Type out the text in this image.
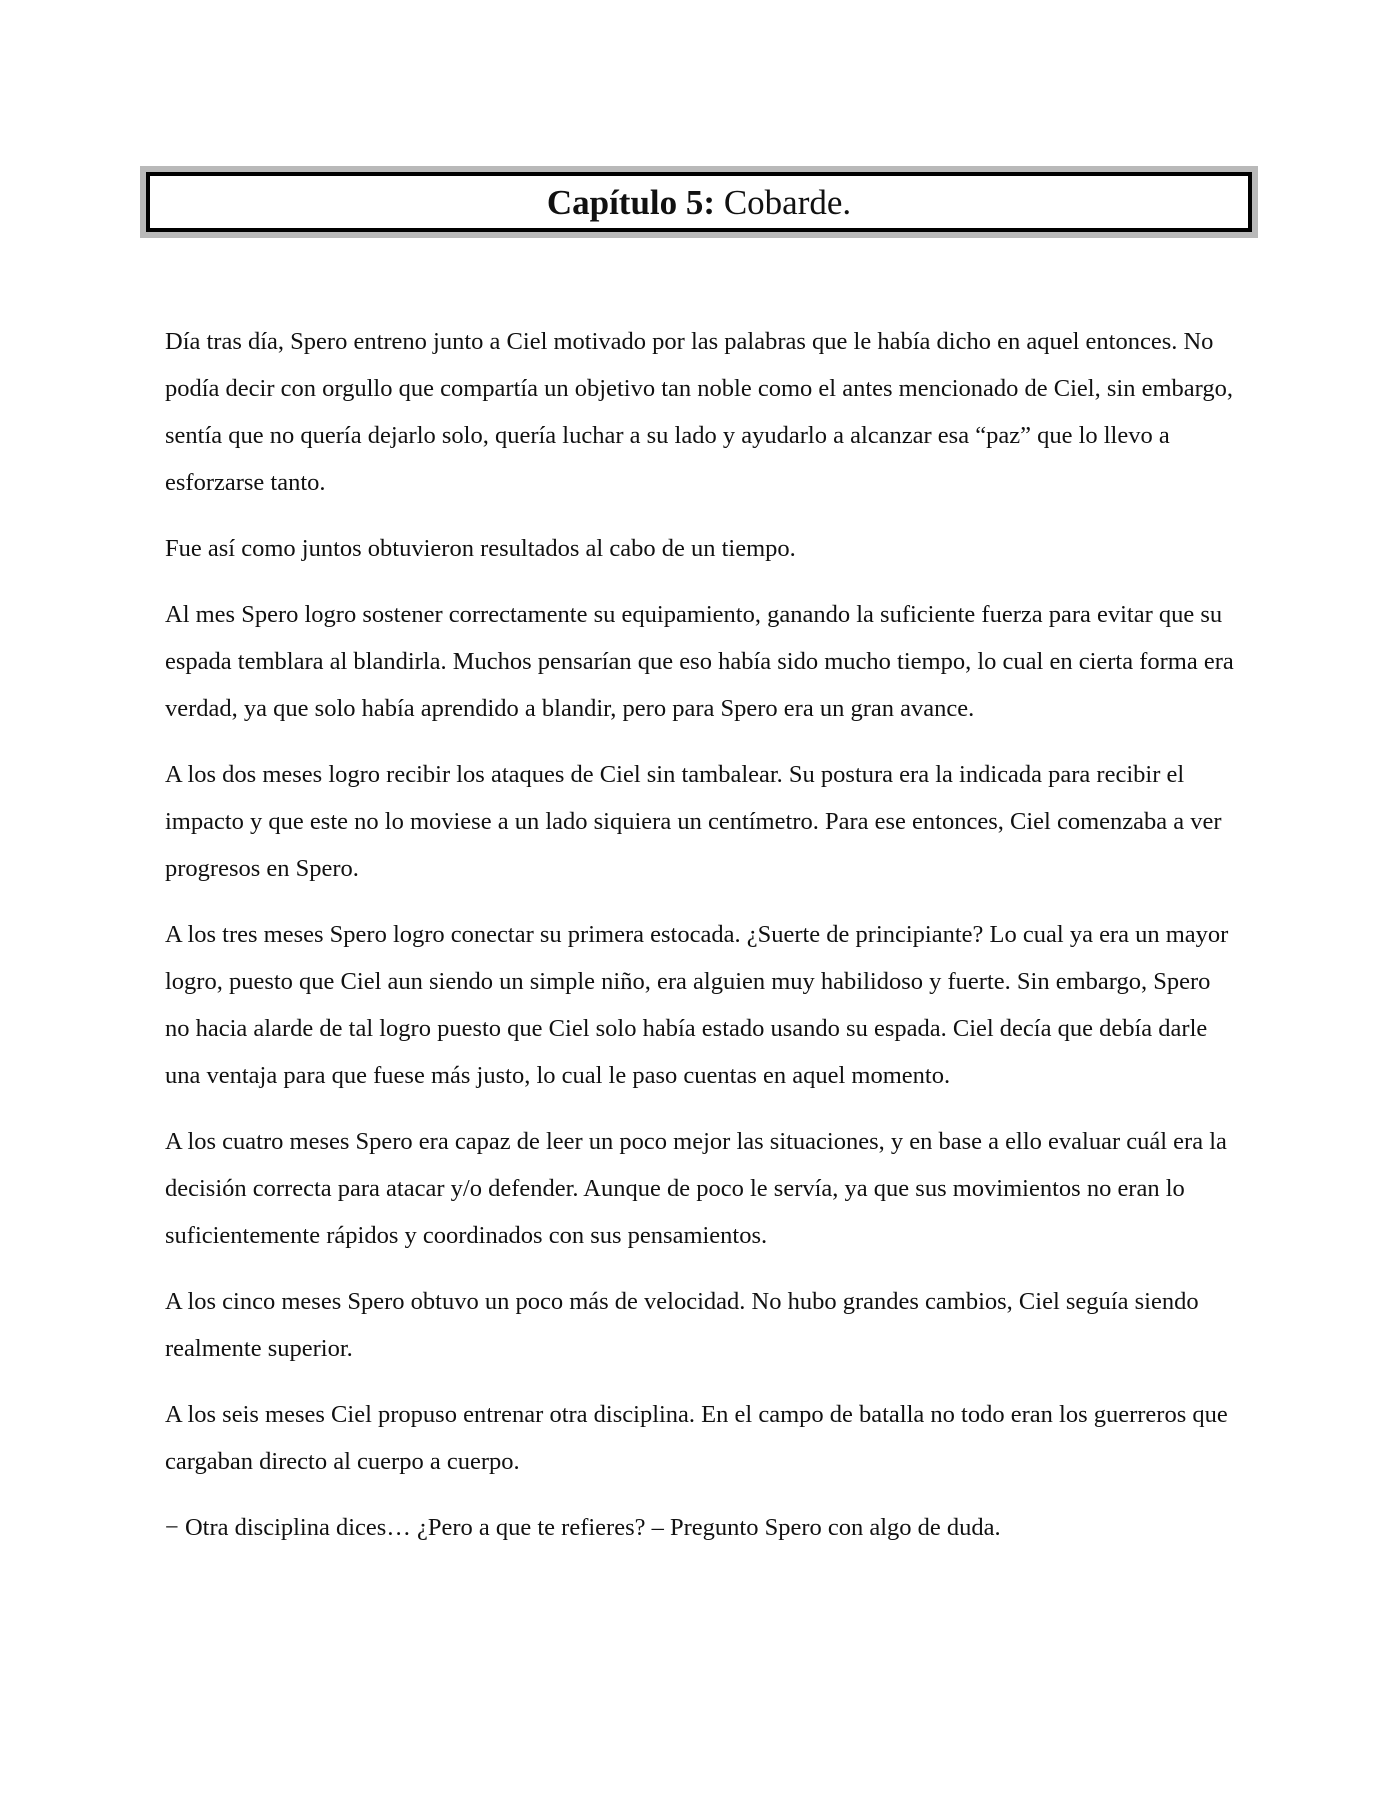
Capítulo 5:
Cobarde.

Día tras día, Spero entreno junto a Ciel motivado por las palabras que le había dicho en aquel entonces. No podía decir con orgullo que compartía un objetivo tan noble como el antes mencionado de Ciel, sin embargo, sentía que no quería dejarlo solo, quería luchar a su lado y ayudarlo a alcanzar esa “paz” que lo llevo a esforzarse tanto.

Fue así como juntos obtuvieron resultados al cabo de un tiempo.

Al mes Spero logro sostener correctamente su equipamiento, ganando la suficiente fuerza para evitar que su espada temblara al blandirla. Muchos pensarían que eso había sido mucho tiempo, lo cual en cierta forma era verdad, ya que solo había aprendido a blandir, pero para Spero era un gran avance.

A los dos meses logro recibir los ataques de Ciel sin tambalear. Su postura era la indicada para recibir el impacto y que este no lo moviese a un lado siquiera un centímetro. Para ese entonces, Ciel comenzaba a ver progresos en Spero.

A los tres meses Spero logro conectar su primera estocada. ¿Suerte de principiante? Lo cual ya era un mayor logro, puesto que Ciel aun siendo un simple niño, era alguien muy habilidoso y fuerte. Sin embargo, Spero no hacia alarde de tal logro puesto que Ciel solo había estado usando su espada. Ciel decía que debía darle una ventaja para que fuese más justo, lo cual le paso cuentas en aquel momento.

A los cuatro meses Spero era capaz de leer un poco mejor las situaciones, y en base a ello evaluar cuál era la decisión correcta para atacar y/o defender. Aunque de poco le servía, ya que sus movimientos no eran lo suficientemente rápidos y coordinados con sus pensamientos.

A los cinco meses Spero obtuvo un poco más de velocidad. No hubo grandes cambios, Ciel seguía siendo realmente superior.

A los seis meses Ciel propuso entrenar otra disciplina. En el campo de batalla no todo eran los guerreros que cargaban directo al cuerpo a cuerpo.

− Otra disciplina dices… ¿Pero a que te refieres? – Pregunto Spero con algo de duda.
